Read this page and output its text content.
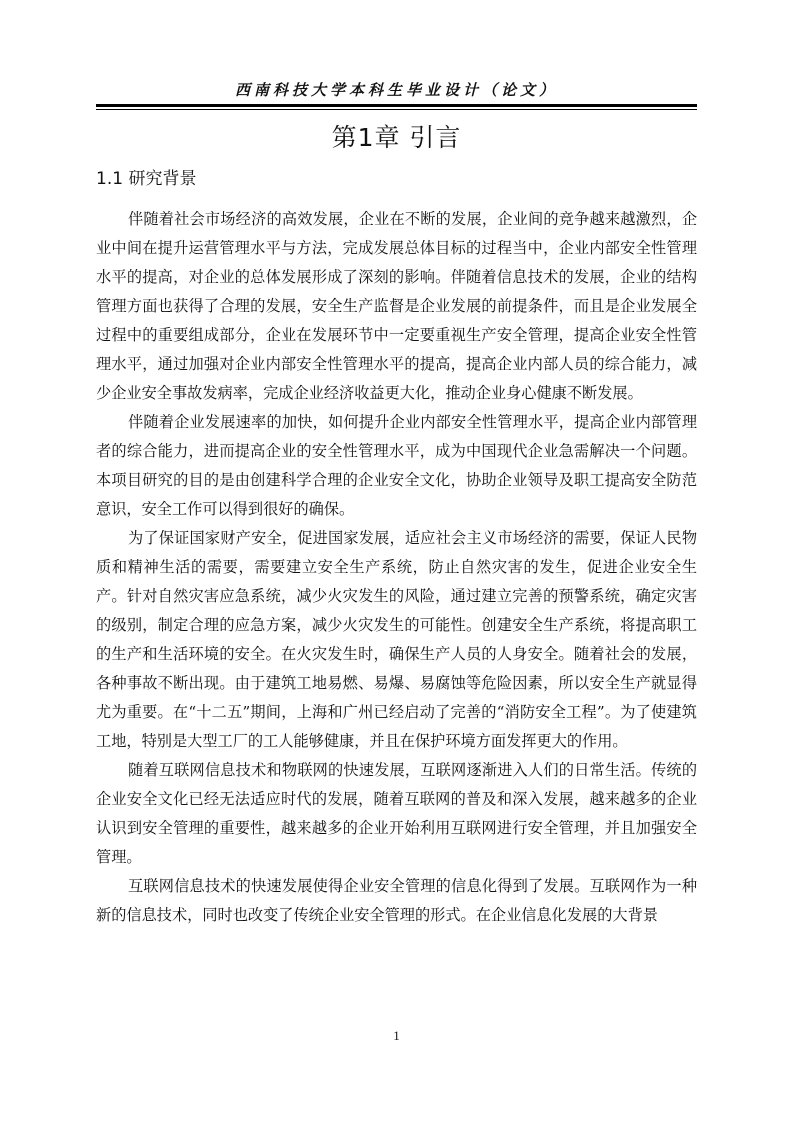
西南科技大学本科生毕业设计（论文）
第1章 引言
1.1 研究背景

伴随着社会市场经济的高效发展，企业在不断的发展，企业间的竞争越来越激烈，企业中间在提升运营管理水平与方法，完成发展总体目标的过程当中，企业内部安全性管理水平的提高，对企业的总体发展形成了深刻的影响。伴随着信息技术的发展，企业的结构管理方面也获得了合理的发展，安全生产监督是企业发展的前提条件，而且是企业发展全过程中的重要组成部分，企业在发展环节中一定要重视生产安全管理，提高企业安全性管理水平，通过加强对企业内部安全性管理水平的提高，提高企业内部人员的综合能力，减少企业安全事故发病率，完成企业经济收益更大化，推动企业身心健康不断发展。

伴随着企业发展速率的加快，如何提升企业内部安全性管理水平，提高企业内部管理者的综合能力，进而提高企业的安全性管理水平，成为中国现代企业急需解决一个问题。本项目研究的目的是由创建科学合理的企业安全文化，协助企业领导及职工提高安全防范意识，安全工作可以得到很好的确保。

为了保证国家财产安全，促进国家发展，适应社会主义市场经济的需要，保证人民物质和精神生活的需要，需要建立安全生产系统，防止自然灾害的发生，促进企业安全生产。针对自然灾害应急系统，减少火灾发生的风险，通过建立完善的预警系统，确定灾害的级别，制定合理的应急方案，减少火灾发生的可能性。创建安全生产系统，将提高职工的生产和生活环境的安全。在火灾发生时，确保生产人员的人身安全。随着社会的发展，各种事故不断出现。由于建筑工地易燃、易爆、易腐蚀等危险因素，所以安全生产就显得尤为重要。在“十二五”期间，上海和广州已经启动了完善的“消防安全工程”。为了使建筑工地，特别是大型工厂的工人能够健康，并且在保护环境方面发挥更大的作用。

随着互联网信息技术和物联网的快速发展，互联网逐渐进入人们的日常生活。传统的企业安全文化已经无法适应时代的发展，随着互联网的普及和深入发展，越来越多的企业认识到安全管理的重要性，越来越多的企业开始利用互联网进行安全管理，并且加强安全管理。

互联网信息技术的快速发展使得企业安全管理的信息化得到了发展。互联网作为一种新的信息技术，同时也改变了传统企业安全管理的形式。在企业信息化发展的大背景

1
